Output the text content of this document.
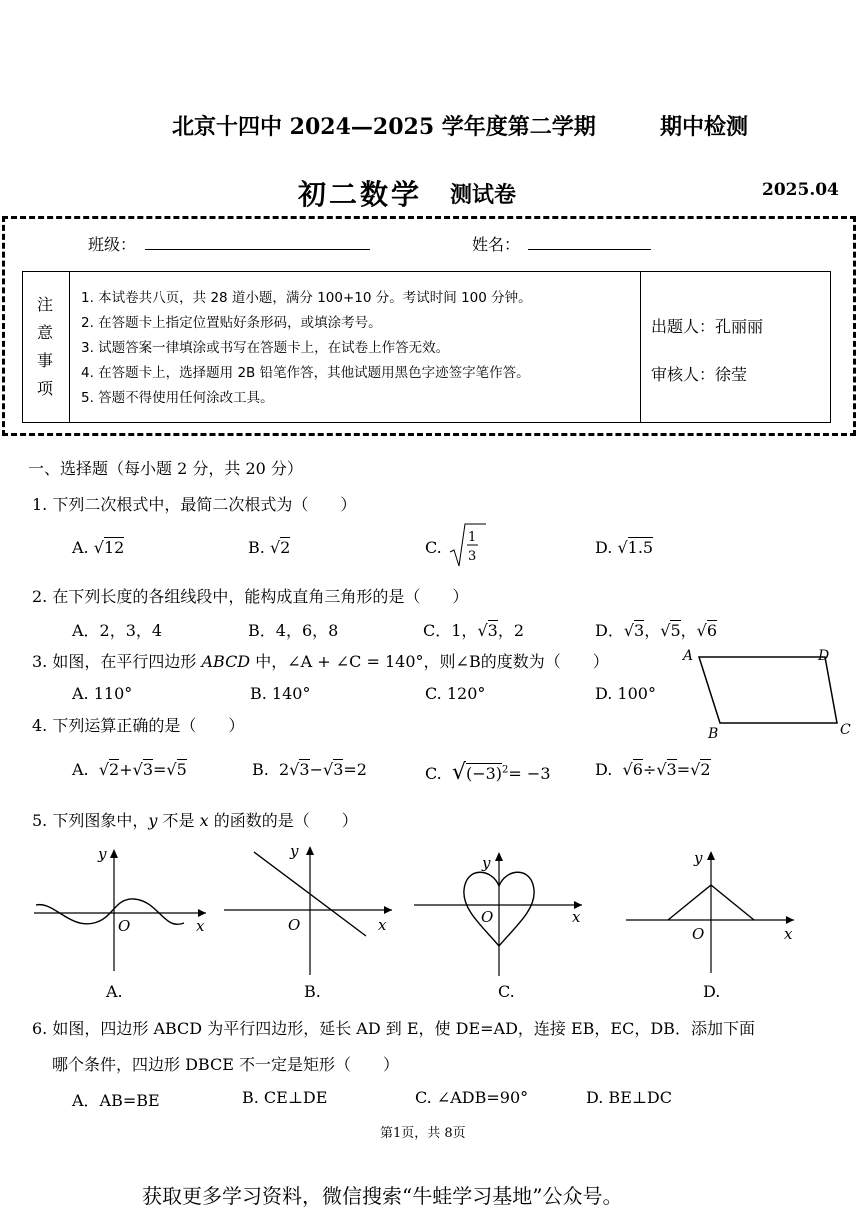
北京十四中 2024—2025 学年度第二学期	期中检测
初二数学 测试卷	2025.04
班级：	姓名：
注
意
事
项
1. 本试卷共八页，共 28 道小题，满分 100+10 分。考试时间 100 分钟。
2. 在答题卡上指定位置贴好条形码，或填涂考号。
3. 试题答案一律填涂或书写在答题卡上，在试卷上作答无效。
4. 在答题卡上，选择题用 2B 铅笔作答，其他试题用黑色字迹签字笔作答。
5. 答题不得使用任何涂改工具。
出题人：孔丽丽
审核人：徐莹
一、选择题（每小题 2 分，共 20 分）
1. 下列二次根式中，最简二次根式为（　　）
A. √12	B. √2	C.
1
3	D. √1.5
2. 在下列长度的各组线段中，能构成直角三角形的是（　　）
A．2，3，4	B．4，6，8	C．1，√3，2	D．√3，√5，√6
3. 如图，在平行四边形 ABCD 中，∠A + ∠C = 140°，则∠B的度数为（　　）
A. 110°	B. 140°	C. 120°	D. 100°
A	D
B	C
4. 下列运算正确的是（　　）
A. √2+√3=√5	B. 2√3−√3=2	C. $√(-3)^2= -3$	D. √6÷√3=√2
5. 下列图象中，y 不是 x 的函数的是（　　）
y
x
O
A.
y
x
O
B.
y
x
O
C.
y
x
O
D.
6. 如图，四边形 ABCD 为平行四边形，延长 AD 到 E，使 DE=AD，连接 EB，EC，DB．添加下面
哪个条件，四边形 DBCE 不一定是矩形（　　）
A．AB=BE	B. CE⊥DE	C. ∠ADB=90°	D. BE⊥DC
第1页，共 8页
获取更多学习资料，微信搜索“牛蛙学习基地”公众号。
